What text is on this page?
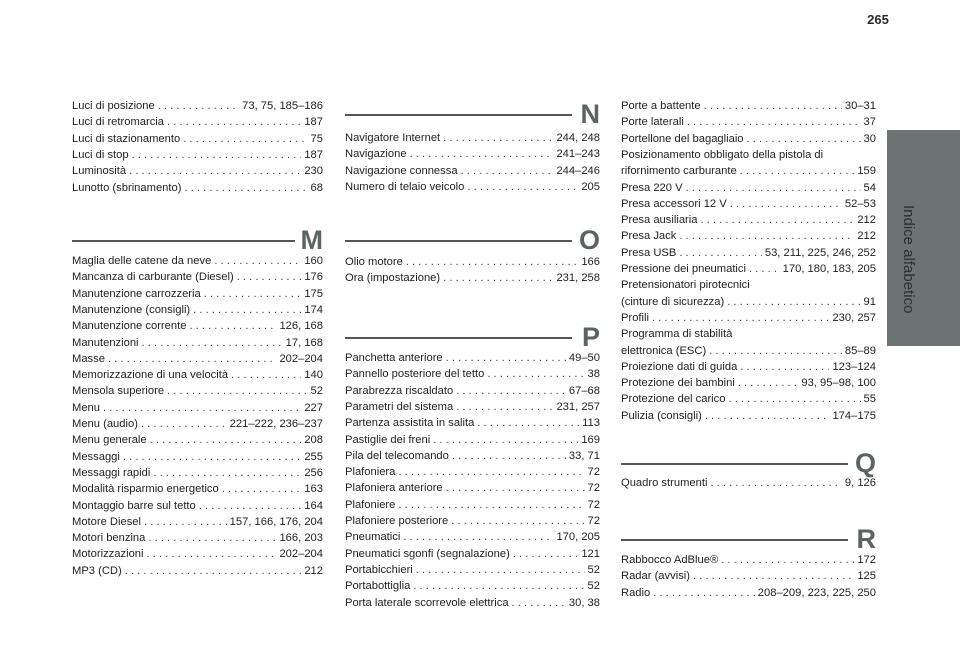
265
Indice alfabetico
Luci di posizione . . .	73, 75, 185–186
Luci di retromarcia . . .	187
Luci di stazionamento . . .	75
Luci di stop . . .	187
Luminosità . . .	230
Lunotto (sbrinamento) . . .	68
M
Maglia delle catene da neve . . .	160
Mancanza di carburante (Diesel) . . .	176
Manutenzione carrozzeria . . .	175
Manutenzione (consigli) . . .	174
Manutenzione corrente . . .	126, 168
Manutenzioni . . .	17, 168
Masse . . .	202–204
Memorizzazione di una velocità . . .	140
Mensola superiore . . .	52
Menu . . .	227
Menu (audio) . . .	221–222, 236–237
Menu generale . . .	208
Messaggi . . .	255
Messaggi rapidi . . .	256
Modalità risparmio energetico . . .	163
Montaggio barre sul tetto . . .	164
Motore Diesel . . .	157, 166, 176, 204
Motori benzina . . .	166, 203
Motorizzazioni . . .	202–204
MP3 (CD) . . .	212
N
Navigatore Internet . . .	244, 248
Navigazione . . .	241–243
Navigazione connessa . . .	244–246
Numero di telaio veicolo . . .	205
O
Olio motore . . .	166
Ora (impostazione) . . .	231, 258
P
Panchetta anteriore . . .	49–50
Pannello posteriore del tetto . . .	38
Parabrezza riscaldato . . .	67–68
Parametri del sistema . . .	231, 257
Partenza assistita in salita . . .	113
Pastiglie dei freni . . .	169
Pila del telecomando . . .	33, 71
Plafoniera . . .	72
Plafoniera anteriore . . .	72
Plafoniere . . .	72
Plafoniere posteriore . . .	72
Pneumatici . . .	170, 205
Pneumatici sgonfi (segnalazione) . . .	121
Portabicchieri . . .	52
Portabottiglia . . .	52
Porta laterale scorrevole elettrica . . .	30, 38
Porte a battente . . .	30–31
Porte laterali . . .	37
Portellone del bagagliaio . . .	30
Posizionamento obbligato della pistola di
rifornimento carburante . . .	159
Presa 220 V . . .	54
Presa accessori 12 V . . .	52–53
Presa ausiliaria . . .	212
Presa Jack . . .	212
Presa USB . . .	53, 211, 225, 246, 252
Pressione dei pneumatici . . .	170, 180, 183, 205
Pretensionatori pirotecnici
(cinture di sicurezza) . . .	91
Profili . . .	230, 257
Programma di stabilità
elettronica (ESC) . . .	85–89
Proiezione dati di guida . . .	123–124
Protezione dei bambini . . .	93, 95–98, 100
Protezione del carico . . .	55
Pulizia (consigli) . . .	174–175
Q
Quadro strumenti . . .	9, 126
R
Rabbocco AdBlue® . . .	172
Radar (avvisi) . . .	125
Radio . . .	208–209, 223, 225, 250
